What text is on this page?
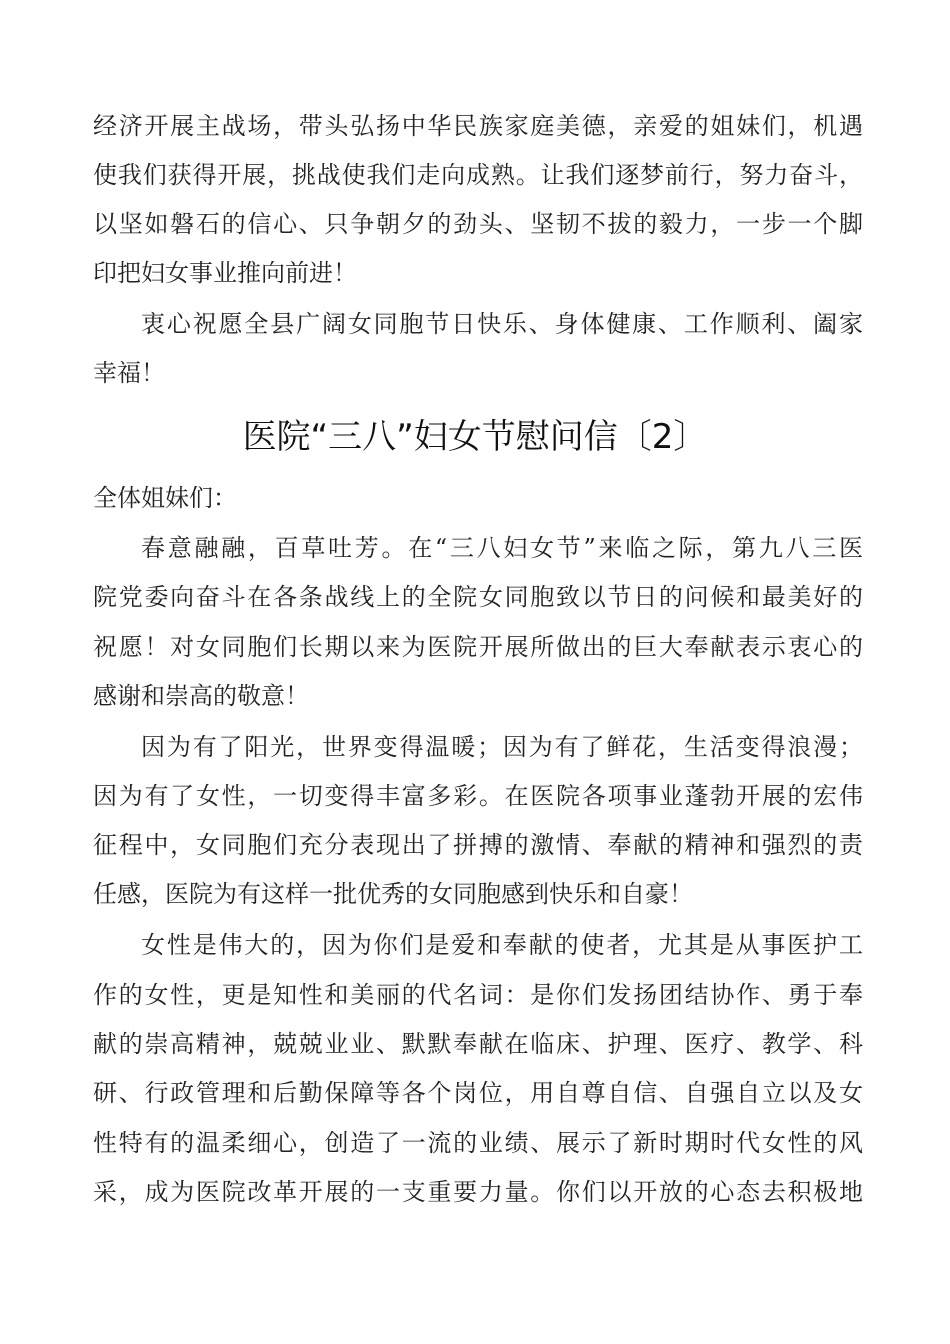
经济开展主战场，带头弘扬中华民族家庭美德，亲爱的姐妹们，机遇

使我们获得开展，挑战使我们走向成熟。让我们逐梦前行，努力奋斗，

以坚如磐石的信心、只争朝夕的劲头、坚韧不拔的毅力，一步一个脚

印把妇女事业推向前进！

衷心祝愿全县广阔女同胞节日快乐、身体健康、工作顺利、阖家

幸福！

医院“三八”妇女节慰问信〔2〕

全体姐妹们：

春意融融，百草吐芳。在“三八妇女节”来临之际，第九八三医

院党委向奋斗在各条战线上的全院女同胞致以节日的问候和最美好的

祝愿！对女同胞们长期以来为医院开展所做出的巨大奉献表示衷心的

感谢和崇高的敬意！

因为有了阳光，世界变得温暖；因为有了鲜花，生活变得浪漫；

因为有了女性，一切变得丰富多彩。在医院各项事业蓬勃开展的宏伟

征程中，女同胞们充分表现出了拼搏的激情、奉献的精神和强烈的责

任感，医院为有这样一批优秀的女同胞感到快乐和自豪！

女性是伟大的，因为你们是爱和奉献的使者，尤其是从事医护工

作的女性，更是知性和美丽的代名词：是你们发扬团结协作、勇于奉

献的崇高精神，兢兢业业、默默奉献在临床、护理、医疗、教学、科

研、行政管理和后勤保障等各个岗位，用自尊自信、自强自立以及女

性特有的温柔细心，创造了一流的业绩、展示了新时期时代女性的风

采，成为医院改革开展的一支重要力量。你们以开放的心态去积极地
